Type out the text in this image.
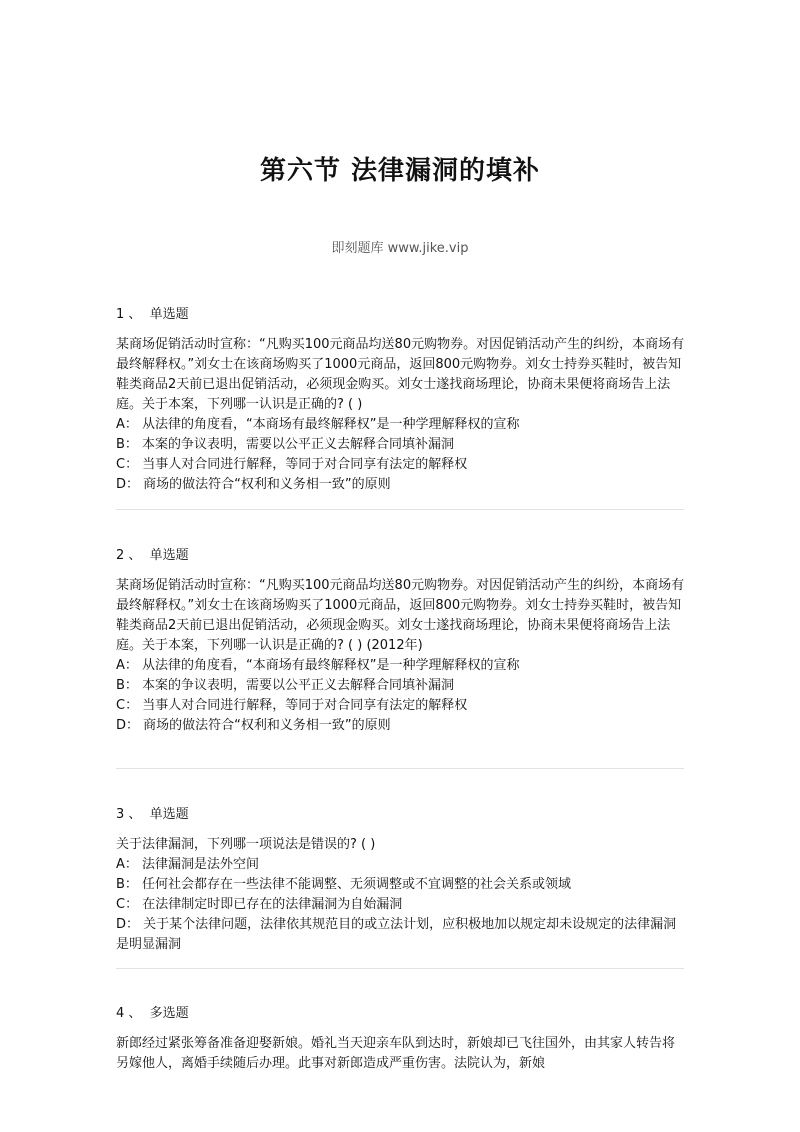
第六节 法律漏洞的填补
即刻题库 www.jike.vip
1 、 单选题

某商场促销活动时宣称：“凡购买100元商品均送80元购物券。对因促销活动产生的纠纷，本商场有最终解释权。”刘女士在该商场购买了1000元商品，返回800元购物券。刘女士持券买鞋时，被告知鞋类商品2天前已退出促销活动，必须现金购买。刘女士遂找商场理论，协商未果便将商场告上法庭。关于本案，下列哪一认识是正确的? ( )

A： 从法律的角度看，“本商场有最终解释权”是一种学理解释权的宣称

B： 本案的争议表明，需要以公平正义去解释合同填补漏洞

C： 当事人对合同进行解释，等同于对合同享有法定的解释权

D： 商场的做法符合“权利和义务相一致”的原则

2 、 单选题

某商场促销活动时宣称：“凡购买100元商品均送80元购物券。对因促销活动产生的纠纷，本商场有最终解释权。”刘女士在该商场购买了1000元商品，返回800元购物券。刘女士持券买鞋时，被告知鞋类商品2天前已退出促销活动，必须现金购买。刘女士遂找商场理论，协商未果便将商场告上法庭。关于本案，下列哪一认识是正确的? ( ) (2012年)

A： 从法律的角度看，“本商场有最终解释权”是一种学理解释权的宣称

B： 本案的争议表明，需要以公平正义去解释合同填补漏洞

C： 当事人对合同进行解释，等同于对合同享有法定的解释权

D： 商场的做法符合“权利和义务相一致”的原则

3 、 单选题

关于法律漏洞，下列哪一项说法是错误的? ( )

A： 法律漏洞是法外空间

B： 任何社会都存在一些法律不能调整、无须调整或不宜调整的社会关系或领域

C： 在法律制定时即已存在的法律漏洞为自始漏洞

D： 关于某个法律问题，法律依其规范目的或立法计划，应积极地加以规定却未设规定的法律漏洞是明显漏洞

4 、 多选题

新郎经过紧张筹备准备迎娶新娘。婚礼当天迎亲车队到达时，新娘却已飞往国外，由其家人转告将另嫁他人，离婚手续随后办理。此事对新郎造成严重伤害。法院认为，新娘
